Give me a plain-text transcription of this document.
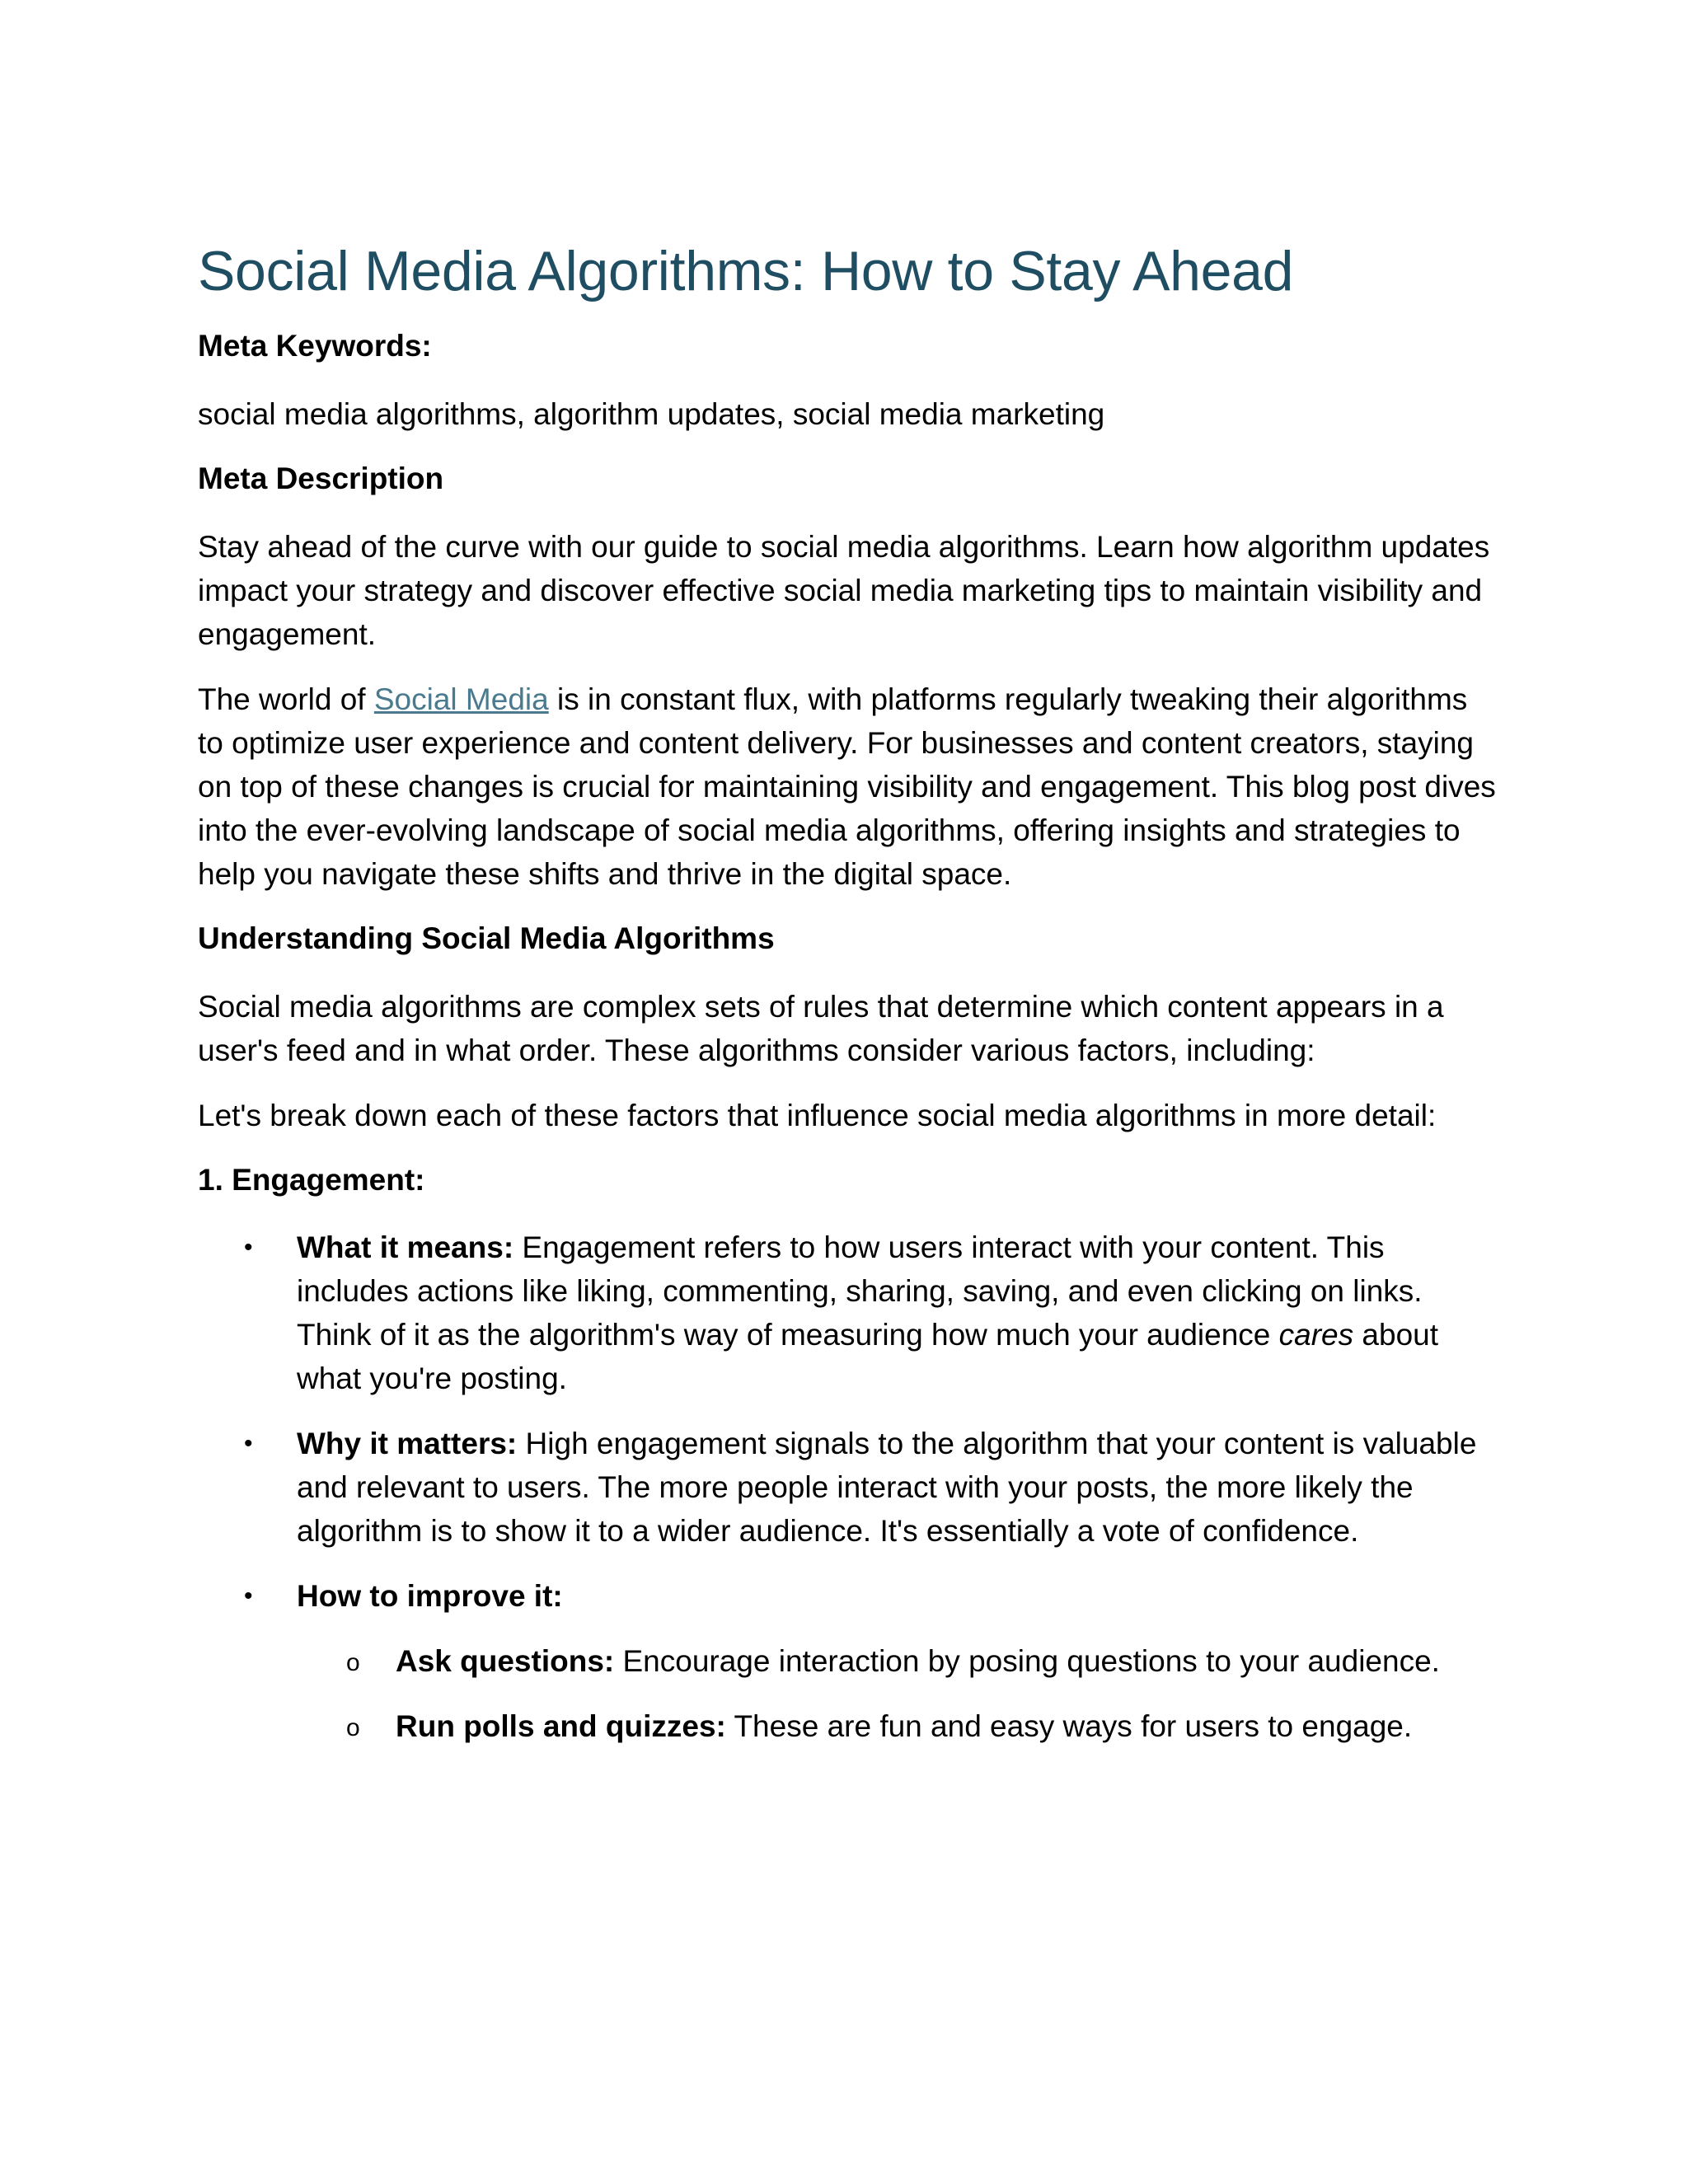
Social Media Algorithms: How to Stay Ahead
Meta Keywords:

social media algorithms, algorithm updates, social media marketing

Meta Description

Stay ahead of the curve with our guide to social media algorithms. Learn how algorithm updates impact your strategy and discover effective social media marketing tips to maintain visibility and engagement.

The world of Social Media is in constant flux, with platforms regularly tweaking their algorithms to optimize user experience and content delivery. For businesses and content creators, staying on top of these changes is crucial for maintaining visibility and engagement. This blog post dives into the ever-evolving landscape of social media algorithms, offering insights and strategies to help you navigate these shifts and thrive in the digital space.

Understanding Social Media Algorithms

Social media algorithms are complex sets of rules that determine which content appears in a user's feed and in what order. These algorithms consider various factors, including:

Let's break down each of these factors that influence social media algorithms in more detail:

1. Engagement:
• What it means: Engagement refers to how users interact with your content. This includes actions like liking, commenting, sharing, saving, and even clicking on links. Think of it as the algorithm's way of measuring how much your audience cares about what you're posting.
• Why it matters: High engagement signals to the algorithm that your content is valuable and relevant to users. The more people interact with your posts, the more likely the algorithm is to show it to a wider audience. It's essentially a vote of confidence.
• How to improve it:
o Ask questions: Encourage interaction by posing questions to your audience.
o Run polls and quizzes: These are fun and easy ways for users to engage.
